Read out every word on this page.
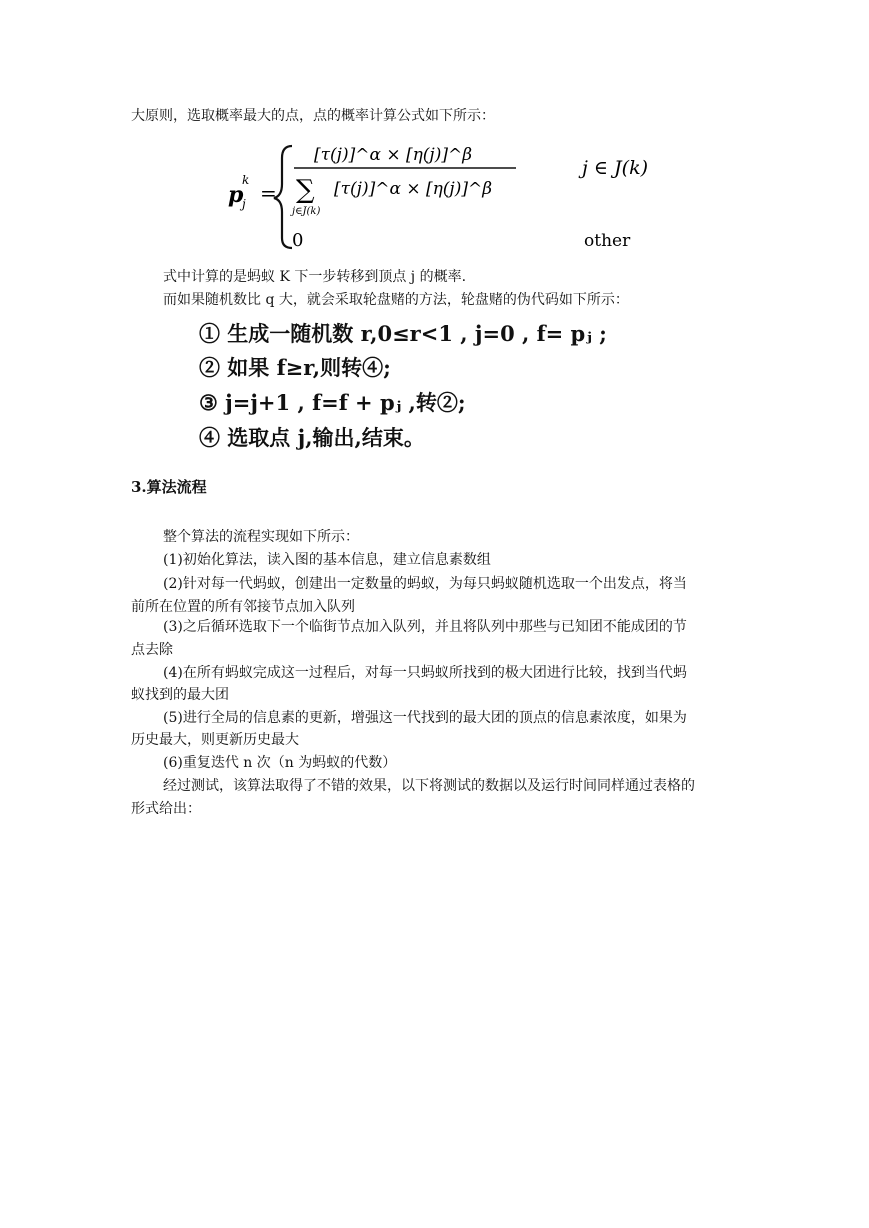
大原则，选取概率最大的点，点的概率计算公式如下所示：
p
k
j =
[τ(j)]^α × [η(j)]^β
∑
j∈J(k)
[τ(j)]^α × [η(j)]^β
j ∈ J(k)
0	other
式中计算的是蚂蚁 K 下一步转移到顶点 j 的概率.
而如果随机数比 q 大，就会采取轮盘赌的方法，轮盘赌的伪代码如下所示：
① 生成一随机数 r,0≤r<1 , j=0 , f= pⱼ ;
② 如果 f≥r,则转④;
③ j=j+1 , f=f + pⱼ ,转②;
④ 选取点 j,输出,结束。
3.算法流程
整个算法的流程实现如下所示：
(1)初始化算法，读入图的基本信息，建立信息素数组
(2)针对每一代蚂蚁，创建出一定数量的蚂蚁，为每只蚂蚁随机选取一个出发点，将当
前所在位置的所有邻接节点加入队列
(3)之后循环选取下一个临街节点加入队列，并且将队列中那些与已知团不能成团的节
点去除
(4)在所有蚂蚁完成这一过程后，对每一只蚂蚁所找到的极大团进行比较，找到当代蚂
蚁找到的最大团
(5)进行全局的信息素的更新，增强这一代找到的最大团的顶点的信息素浓度，如果为
历史最大，则更新历史最大
(6)重复迭代 n 次（n 为蚂蚁的代数）
经过测试，该算法取得了不错的效果，以下将测试的数据以及运行时间同样通过表格的
形式给出：
